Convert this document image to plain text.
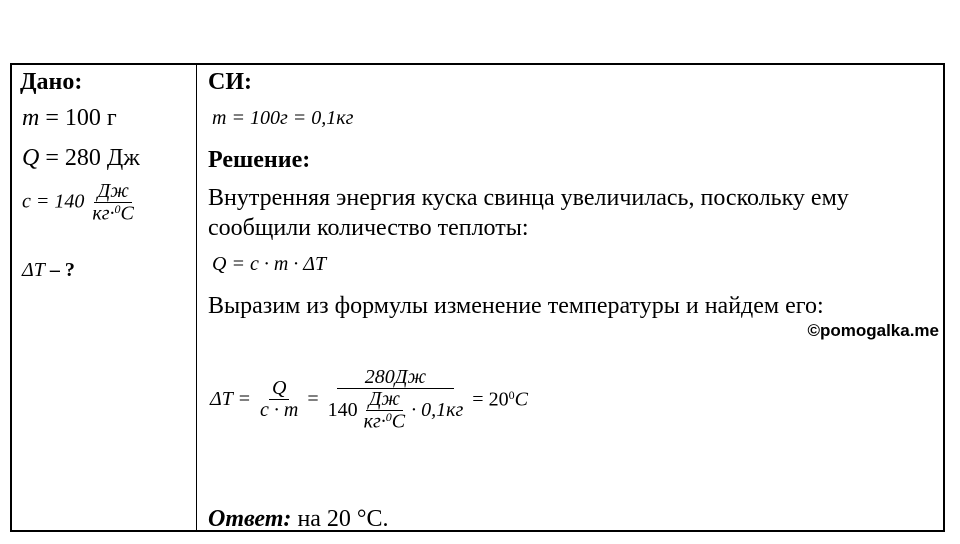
Дано:
m = 100 г
Q = 280 Дж
$c = 140 \frac{Дж}{кг\cdot^0C}$
ΔT – ?
СИ:
m = 100г = 0,1кг
Решение:
Внутренняя энергия куска свинца увеличилась, поскольку ему
сообщили количество теплоты:
Q = c · m · ΔT
Выразим из формулы изменение температуры и найдем его:
$\Delta T = \frac{Q}{c \cdot m}$ =
280Дж
$140 \frac{Дж}{кг\cdot^0C} \cdot 0,1кг = 20^0C$
Ответ: на 20 °С.
©pomogalka.me
